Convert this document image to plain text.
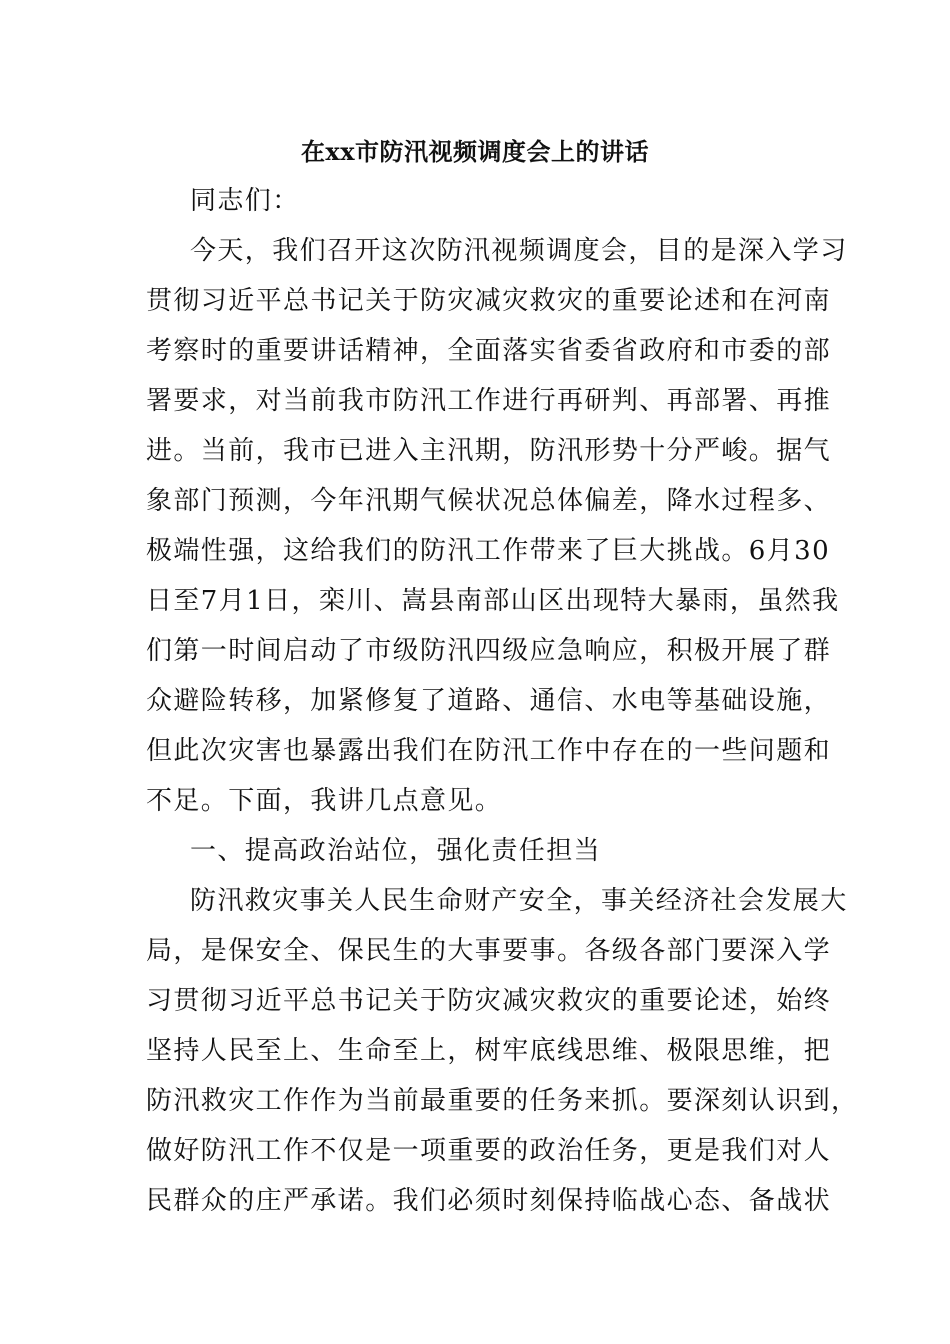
在xx市防汛视频调度会上的讲话
同志们：
今天，我们召开这次防汛视频调度会，目的是深入学习
贯彻习近平总书记关于防灾减灾救灾的重要论述和在河南
考察时的重要讲话精神，全面落实省委省政府和市委的部
署要求，对当前我市防汛工作进行再研判、再部署、再推
进。当前，我市已进入主汛期，防汛形势十分严峻。据气
象部门预测，今年汛期气候状况总体偏差，降水过程多、
极端性强，这给我们的防汛工作带来了巨大挑战。6月30
日至7月1日，栾川、嵩县南部山区出现特大暴雨，虽然我
们第一时间启动了市级防汛四级应急响应，积极开展了群
众避险转移，加紧修复了道路、通信、水电等基础设施，
但此次灾害也暴露出我们在防汛工作中存在的一些问题和
不足。下面，我讲几点意见。
一、提高政治站位，强化责任担当
防汛救灾事关人民生命财产安全，事关经济社会发展大
局，是保安全、保民生的大事要事。各级各部门要深入学
习贯彻习近平总书记关于防灾减灾救灾的重要论述，始终
坚持人民至上、生命至上，树牢底线思维、极限思维，把
防汛救灾工作作为当前最重要的任务来抓。要深刻认识到，
做好防汛工作不仅是一项重要的政治任务，更是我们对人
民群众的庄严承诺。我们必须时刻保持临战心态、备战状
